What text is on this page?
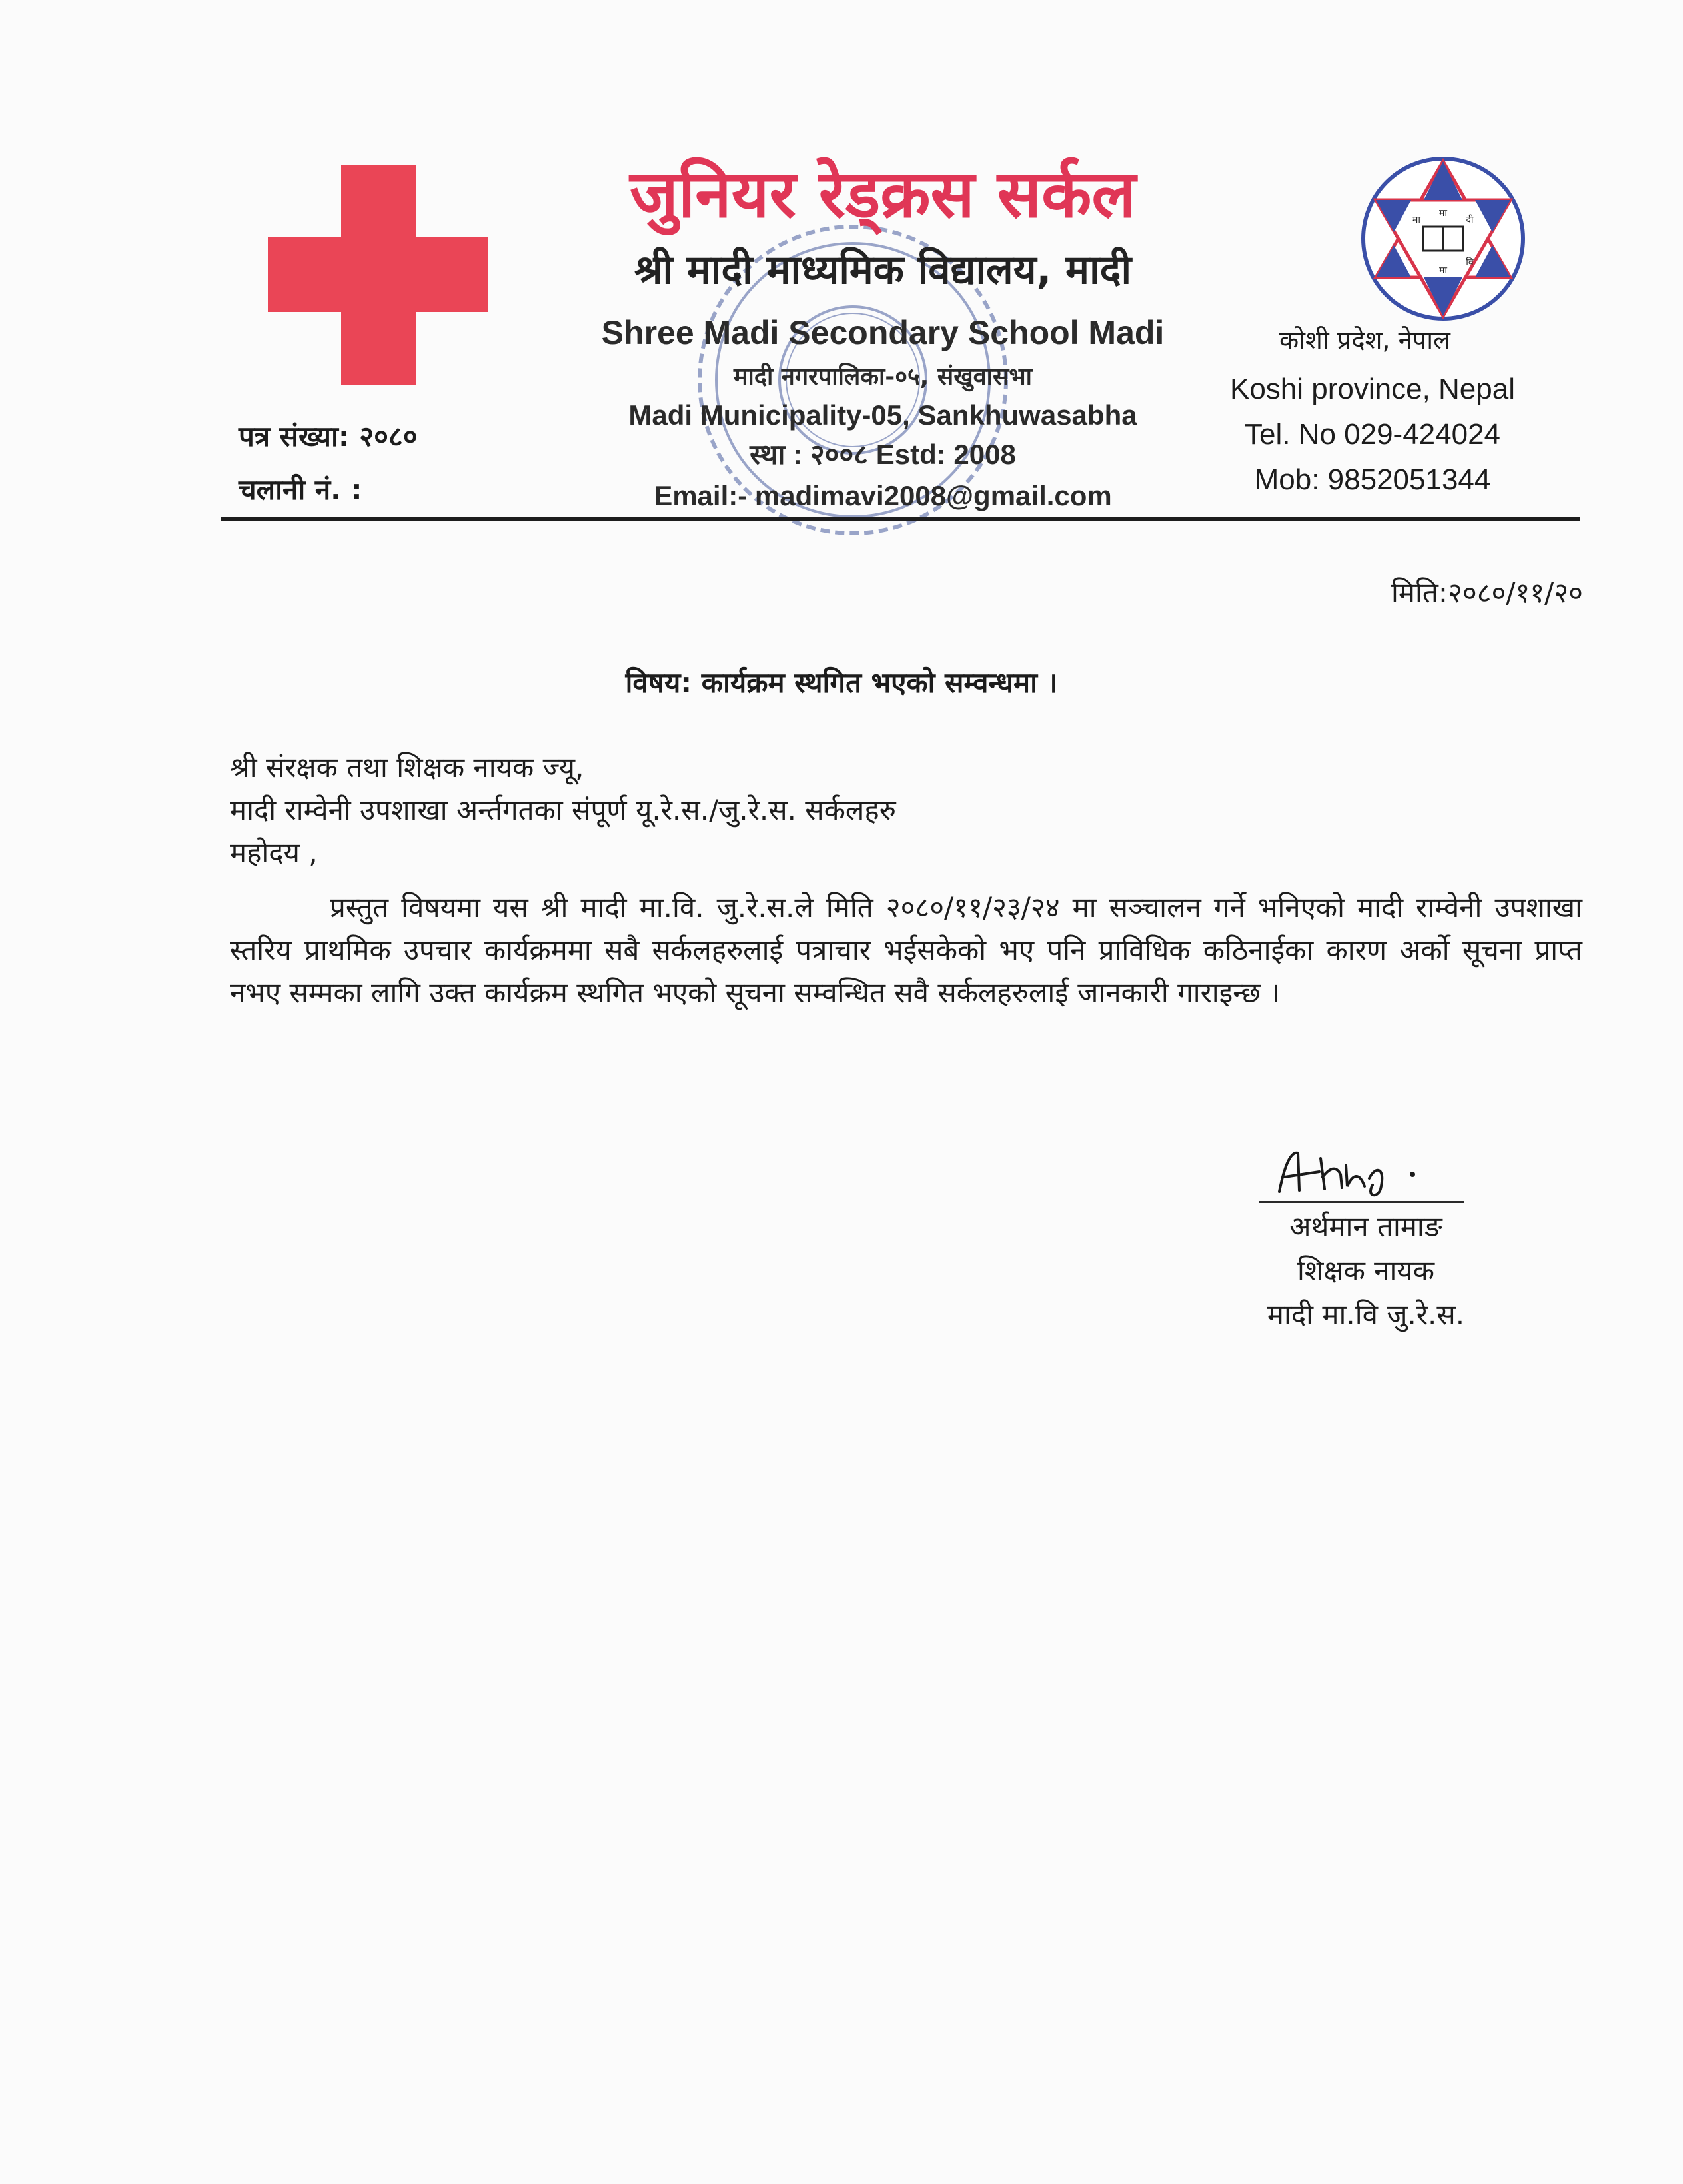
जुनियर रेड्क्रस सर्कल
श्री मादी माध्यमिक विद्यालय, मादी
Shree Madi Secondary School Madi
मादी नगरपालिका-०५, संखुवासभा
Madi Municipality-05, Sankhuwasabha
स्था : २००८ Estd: 2008
Email:- madimavi2008@gmail.com
मा
दी
मा
वि
मा
कोशी प्रदेश, नेपाल
Koshi province, Nepal
Tel. No 029-424024
Mob: 9852051344
पत्र संख्या: २०८०
चलानी नं. :
मिति:२०८०/११/२०
विषय: कार्यक्रम स्थगित भएको सम्वन्धमा ।
श्री संरक्षक तथा शिक्षक नायक ज्यू,
मादी राम्वेनी उपशाखा अर्न्तगतका संपूर्ण यू.रे.स./जु.रे.स. सर्कलहरु
महोदय ,
प्रस्तुत विषयमा यस श्री मादी मा.वि. जु.रे.स.ले मिति २०८०/११/२३/२४ मा सञ्चालन गर्ने भनिएको मादी राम्वेनी उपशाखा स्तरिय प्राथमिक उपचार कार्यक्रममा सबै सर्कलहरुलाई पत्राचार भईसकेको भए पनि प्राविधिक कठिनाईका कारण अर्को सूचना प्राप्त नभए सम्मका लागि उक्त कार्यक्रम स्थगित भएको सूचना सम्वन्धित सवै सर्कलहरुलाई जानकारी गाराइन्छ ।
अर्थमान तामाङ
शिक्षक नायक
मादी मा.वि जु.रे.स.
